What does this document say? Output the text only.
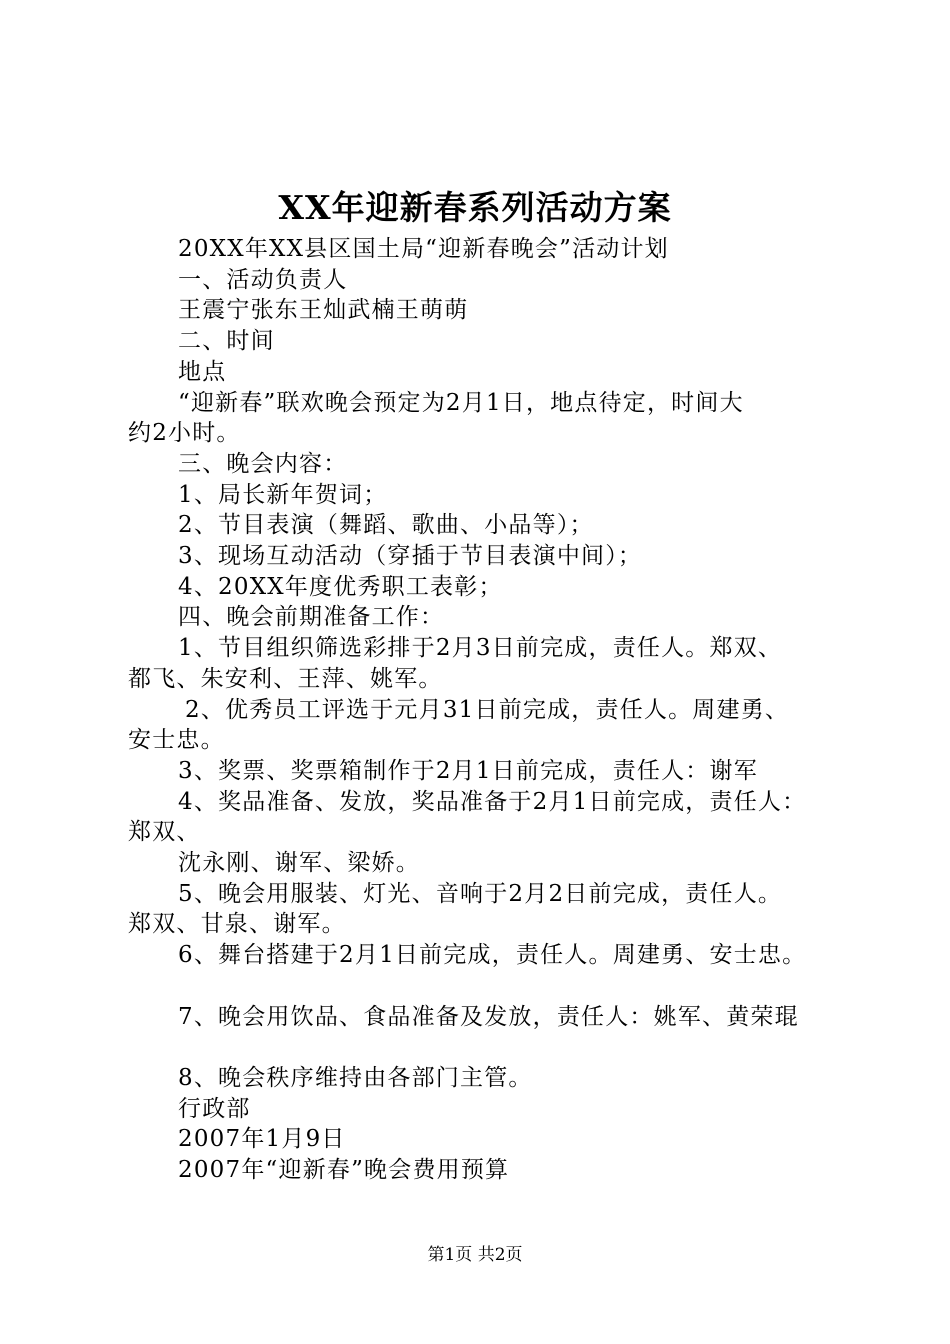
XX年迎新春系列活动方案

20XX年XX县区国土局“迎新春晚会”活动计划

一、活动负责人

王震宁张东王灿武楠王萌萌

二、时间

地点

“迎新春”联欢晚会预定为2月1日，地点待定，时间大

约2小时。

三、晚会内容：

1、局长新年贺词；

2、节目表演（舞蹈、歌曲、小品等）；

3、现场互动活动（穿插于节目表演中间）；

4、20XX年度优秀职工表彰；

四、晚会前期准备工作：

1、节目组织筛选彩排于2月3日前完成，责任人。郑双、

都飞、朱安利、王萍、姚军。

2、优秀员工评选于元月31日前完成，责任人。周建勇、

安士忠。

3、奖票、奖票箱制作于2月1日前完成，责任人：谢军

4、奖品准备、发放，奖品准备于2月1日前完成，责任人：

郑双、

沈永刚、谢军、梁娇。

5、晚会用服装、灯光、音响于2月2日前完成，责任人。

郑双、甘泉、谢军。

6、舞台搭建于2月1日前完成，责任人。周建勇、安士忠。

7、晚会用饮品、食品准备及发放，责任人：姚军、黄荣琨

8、晚会秩序维持由各部门主管。

行政部

2007年1月9日

2007年“迎新春”晚会费用预算

第1页 共2页
